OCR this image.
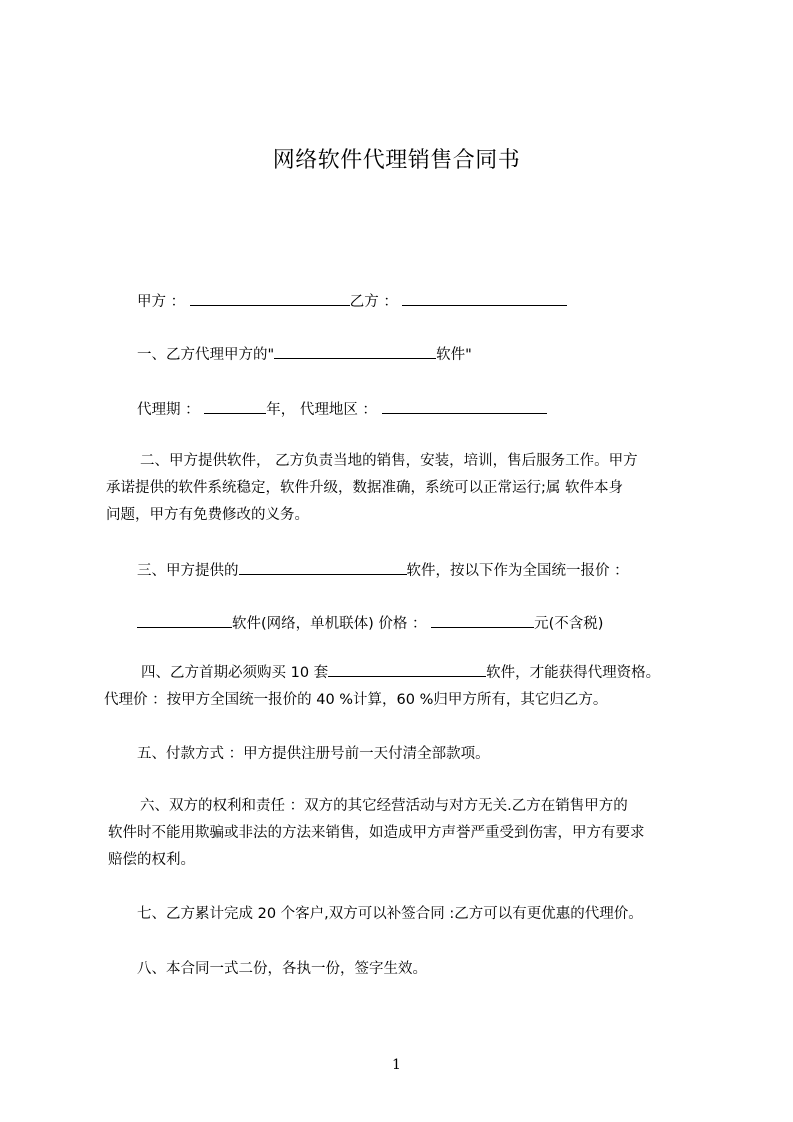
网络软件代理销售合同书
甲方 ：	乙方 ：
一、乙方代理甲方的"	软件"
代理期 ：	年， 代理地区 ：
二、甲方提供软件， 乙方负责当地的销售，安装，培训，售后服务工作。甲方
承诺提供的软件系统稳定，软件升级，数据准确，系统可以正常运行;属 软件本身
问题，甲方有免费修改的义务。
三、甲方提供的	软件，按以下作为全国统一报价 ：
软件(网络，单机联体) 价格 ：	元(不含税)
四、乙方首期必须购买 10 套	软件，才能获得代理资格。
代理价 ：按甲方全国统一报价的 40 %计算，60 %归甲方所有，其它归乙方。
五、付款方式 ：甲方提供注册号前一天付清全部款项。
六、双方的权利和责任 ：双方的其它经营活动与对方无关.乙方在销售甲方的
软件时不能用欺骗或非法的方法来销售，如造成甲方声誉严重受到伤害，甲方有要求
赔偿的权利。
七、乙方累计完成 20 个客户,双方可以补签合同 :乙方可以有更优惠的代理价。
八、本合同一式二份，各执一份，签字生效。
1
